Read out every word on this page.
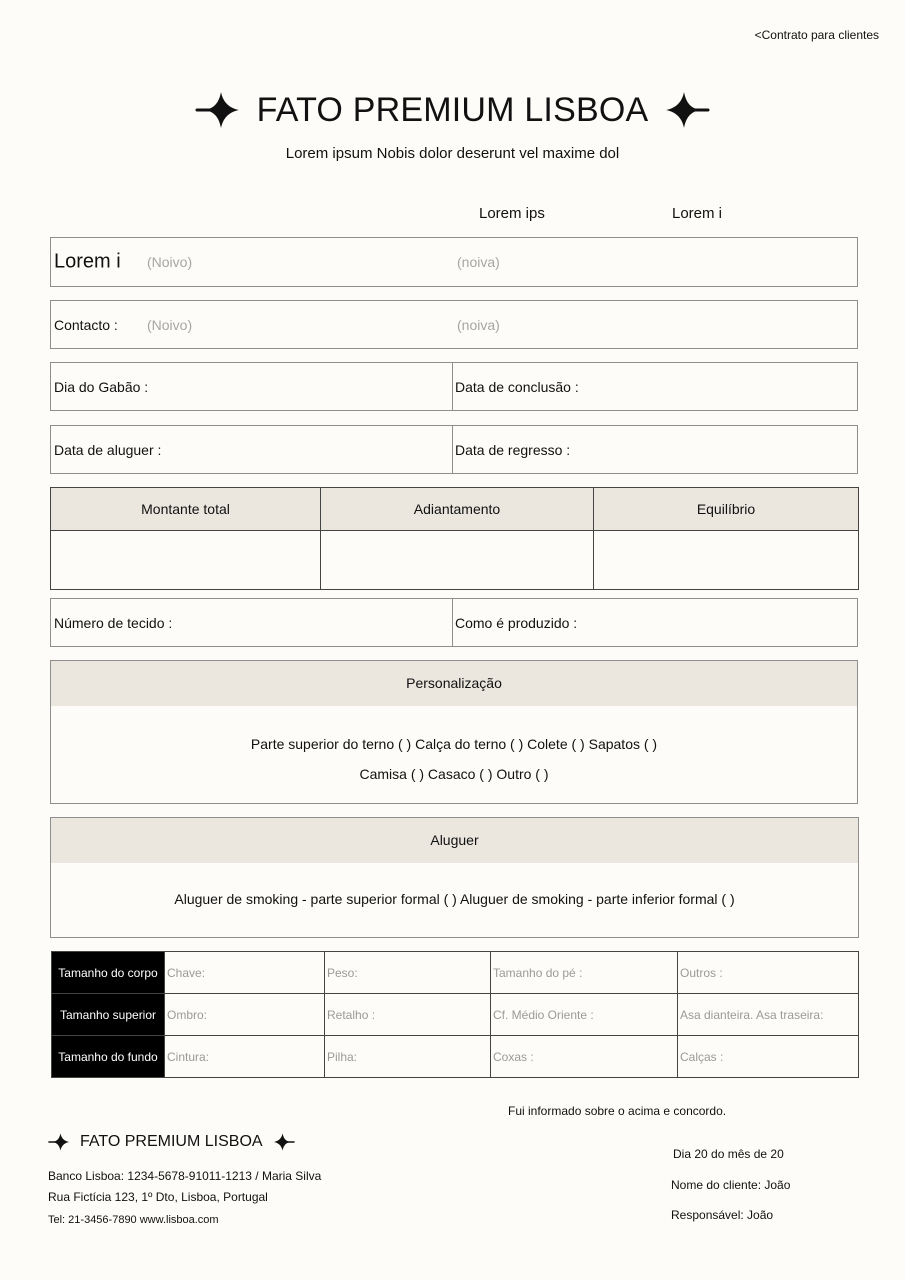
<Contrato para clientes
FATO PREMIUM LISBOA
Lorem ipsum Nobis dolor deserunt vel maxime dol
Lorem ips	Lorem i
Lorem i (Noivo)	(noiva)
Contacto : (Noivo)	(noiva)
Dia do Gabão :	Data de conclusão :
Data de aluguer :	Data de regresso :
Montante total	Adiantamento	Equilíbrio

Número de tecido :	Como é produzido :
Personalização
Parte superior do terno ( ) Calça do terno ( ) Colete ( ) Sapatos ( )
Camisa ( ) Casaco ( ) Outro ( )
Aluguer
Aluguer de smoking - parte superior formal ( ) Aluguer de smoking - parte inferior formal ( )
Tamanho do corpo	Chave:	Peso:	Tamanho do pé :	Outros :
Tamanho superior	Ombro:	Retalho :	Cf. Médio Oriente :	Asa dianteira. Asa traseira:
Tamanho do fundo	Cintura:	Pilha:	Coxas :	Calças :
Fui informado sobre o acima e concordo.
FATO PREMIUM LISBOA
Banco Lisboa: 1234-5678-91011-1213 / Maria Silva
Rua Fictícia 123, 1º Dto, Lisboa, Portugal
Tel: 21-3456-7890 www.lisboa.com
Dia 20 do mês de 20
Nome do cliente: João
Responsável: João
